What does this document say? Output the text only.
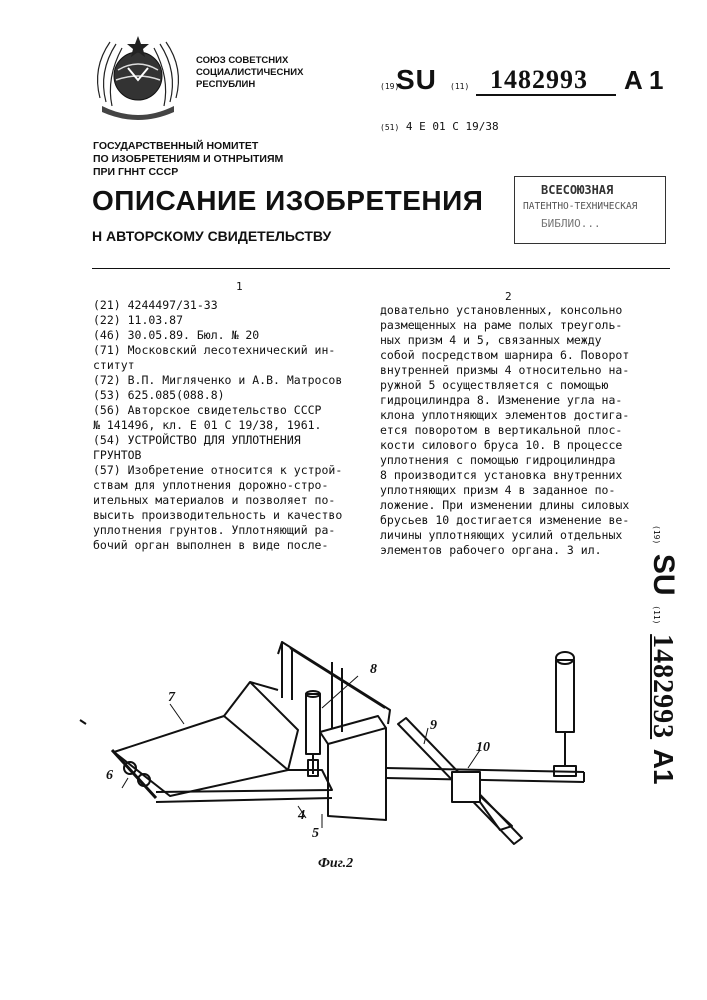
СОЮЗ СОВЕТСНИХ
СОЦИАЛИСТИЧЕСНИХ
РЕСПУБЛИН	(19)
SU (11) 1482993 A 1
(51) 4 E 01 C 19/38
ГОСУДАРСТВЕННЫЙ НОМИТЕТ
ПО ИЗОБРЕТЕНИЯМ И ОТНРЫТИЯМ
ПРИ ГННТ СССР
ОПИСАНИЕ ИЗОБРЕТЕНИЯ
Н АВТОРСКОМУ СВИДЕТЕЛЬСТВУ
ВСЕСОЮЗНАЯ
ПАТЕНТНО-ТЕХНИЧЕСКАЯ
БИБЛИО...
1
2
(21) 4244497/31-33
(22) 11.03.87
(46) 30.05.89. Бюл. № 20
(71) Московский лесотехнический ин-
ститут
(72) В.П. Мигляченко и А.В. Матросов
(53) 625.085(088.8)
(56) Авторское свидетельство СССР
№ 141496, кл. Е 01 С 19/38, 1961.
(54) УСТРОЙСТВО ДЛЯ УПЛОТНЕНИЯ
ГРУНТОВ
(57) Изобретение относится к устрой-
ствам для уплотнения дорожно-стро-
ительных материалов и позволяет по-
высить производительность и качество
уплотнения грунтов. Уплотняющий ра-
бочий орган выполнен в виде после-
довательно установленных, консольно
размещенных на раме полых треуголь-
ных призм 4 и 5, связанных между
собой посредством шарнира 6. Поворот
внутренней призмы 4 относительно на-
ружной 5 осуществляется с помощью
гидроцилиндра 8. Изменение угла на-
клона уплотняющих элементов достига-
ется поворотом в вертикальной плос-
кости силового бруса 10. В процессе
уплотнения с помощью гидроцилиндра
8 производится установка внутренних
уплотняющих призм 4 в заданное по-
ложение. При изменении длины силовых
брусьев 10 достигается изменение ве-
личины уплотняющих усилий отдельных
элементов рабочего органа. 3 ил.
(19) SU (11) 1482993 A1
7
8
9
10
6
4
5
Фиг.2
